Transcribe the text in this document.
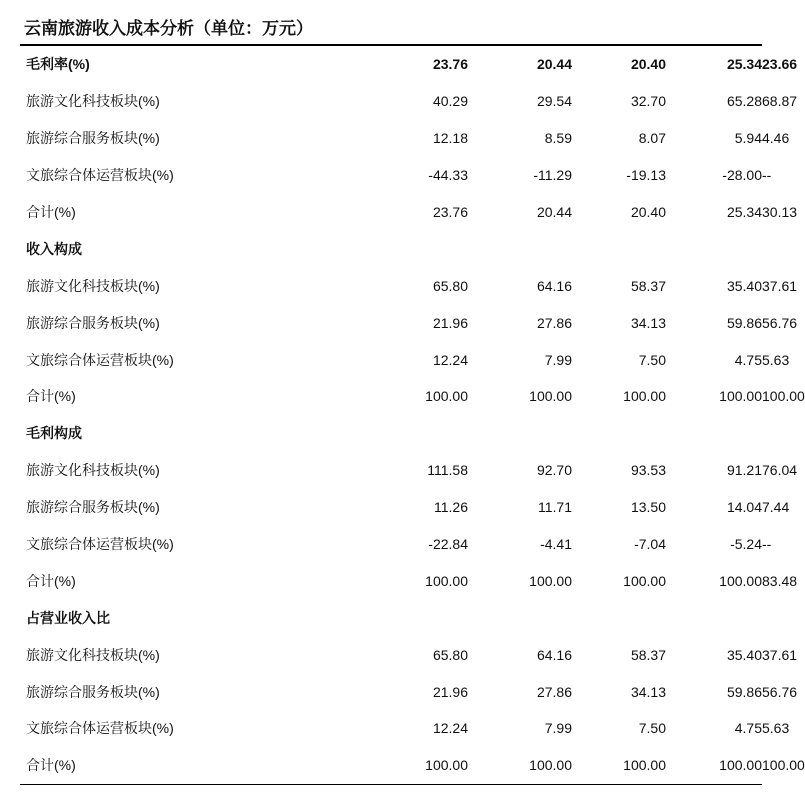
云南旅游收入成本分析（单位：万元）
毛利率(%)		23.76	20.44	20.40	25.34	23.66
旅游文化科技板块(%)		40.29	29.54	32.70	65.28	68.87
旅游综合服务板块(%)		12.18	8.59	8.07	5.94	4.46
文旅综合体运营板块(%)		-44.33	-11.29	-19.13	-28.00	--
合计(%)		23.76	20.44	20.40	25.34	30.13
收入构成						
旅游文化科技板块(%)		65.80	64.16	58.37	35.40	37.61
旅游综合服务板块(%)		21.96	27.86	34.13	59.86	56.76
文旅综合体运营板块(%)		12.24	7.99	7.50	4.75	5.63
合计(%)		100.00	100.00	100.00	100.00	100.00
毛利构成						
旅游文化科技板块(%)		111.58	92.70	93.53	91.21	76.04
旅游综合服务板块(%)		11.26	11.71	13.50	14.04	7.44
文旅综合体运营板块(%)		-22.84	-4.41	-7.04	-5.24	--
合计(%)		100.00	100.00	100.00	100.00	83.48
占营业收入比						
旅游文化科技板块(%)		65.80	64.16	58.37	35.40	37.61
旅游综合服务板块(%)		21.96	27.86	34.13	59.86	56.76
文旅综合体运营板块(%)		12.24	7.99	7.50	4.75	5.63
合计(%)		100.00	100.00	100.00	100.00	100.00
